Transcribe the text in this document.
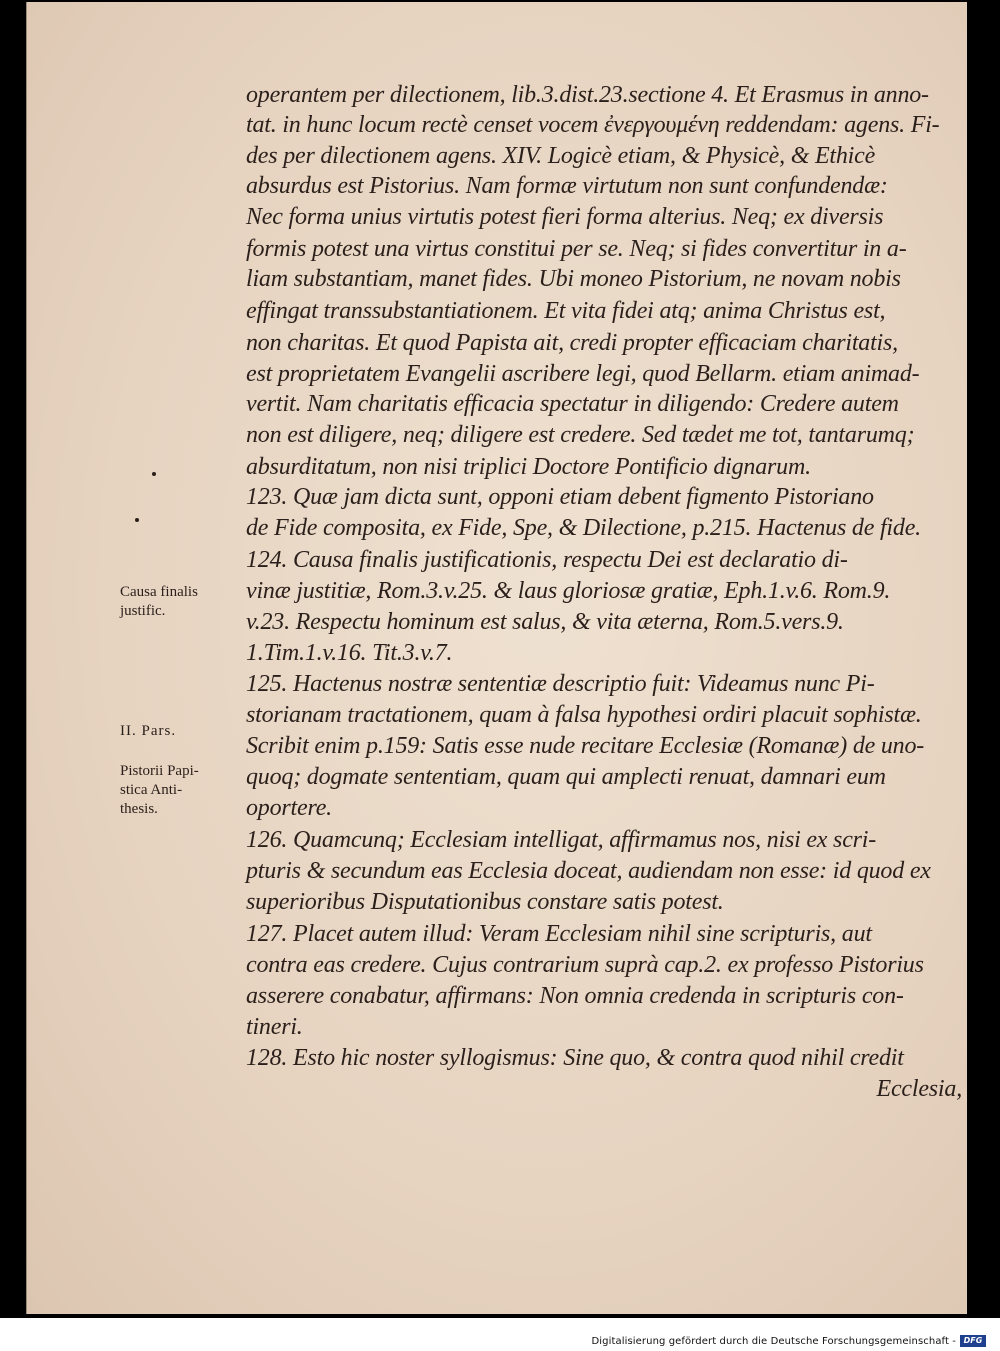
operantem per dilectionem, lib.3.dist.23.sectione 4. Et Erasmus in anno-
tat. in hunc locum rectè censet vocem ἐνεργουμένη reddendam: agens. Fi-
des per dilectionem agens. XIV. Logicè etiam, & Physicè, & Ethicè
absurdus est Pistorius. Nam formæ virtutum non sunt confundendæ:
Nec forma unius virtutis potest fieri forma alterius. Neq; ex diversis
formis potest una virtus constitui per se. Neq; si fides convertitur in a-
liam substantiam, manet fides. Ubi moneo Pistorium, ne novam nobis
effingat transsubstantiationem. Et vita fidei atq; anima Christus est,
non charitas. Et quod Papista ait, credi propter efficaciam charitatis,
est proprietatem Evangelii ascribere legi, quod Bellarm. etiam animad-
vertit. Nam charitatis efficacia spectatur in diligendo: Credere autem
non est diligere, neq; diligere est credere. Sed tædet me tot, tantarumq;
absurditatum, non nisi triplici Doctore Pontificio dignarum.
123. Quæ jam dicta sunt, opponi etiam debent figmento Pistoriano
de Fide composita, ex Fide, Spe, & Dilectione, p.215. Hactenus de fide.
124. Causa finalis justificationis, respectu Dei est declaratio di-
vinæ justitiæ, Rom.3.v.25. & laus gloriosæ gratiæ, Eph.1.v.6. Rom.9.
v.23. Respectu hominum est salus, & vita æterna, Rom.5.vers.9.
1.Tim.1.v.16. Tit.3.v.7.
125. Hactenus nostræ sententiæ descriptio fuit: Videamus nunc Pi-
storianam tractationem, quam à falsa hypothesi ordiri placuit sophistæ.
Scribit enim p.159: Satis esse nude recitare Ecclesiæ (Romanæ) de uno-
quoq; dogmate sententiam, quam qui amplecti renuat, damnari eum
oportere.
126. Quamcunq; Ecclesiam intelligat, affirmamus nos, nisi ex scri-
pturis & secundum eas Ecclesia doceat, audiendam non esse: id quod ex
superioribus Disputationibus constare satis potest.
127. Placet autem illud: Veram Ecclesiam nihil sine scripturis, aut
contra eas credere. Cujus contrarium suprà cap.2. ex professo Pistorius
asserere conabatur, affirmans: Non omnia credenda in scripturis con-
tineri.
128. Esto hic noster syllogismus: Sine quo, & contra quod nihil credit
Ecclesia,
Causa finalis
justific.
II. Pars.
Pistorii Papi-
stica Anti-
thesis.
Digitalisierung gefördert durch die Deutsche Forschungsgemeinschaft - DFG
